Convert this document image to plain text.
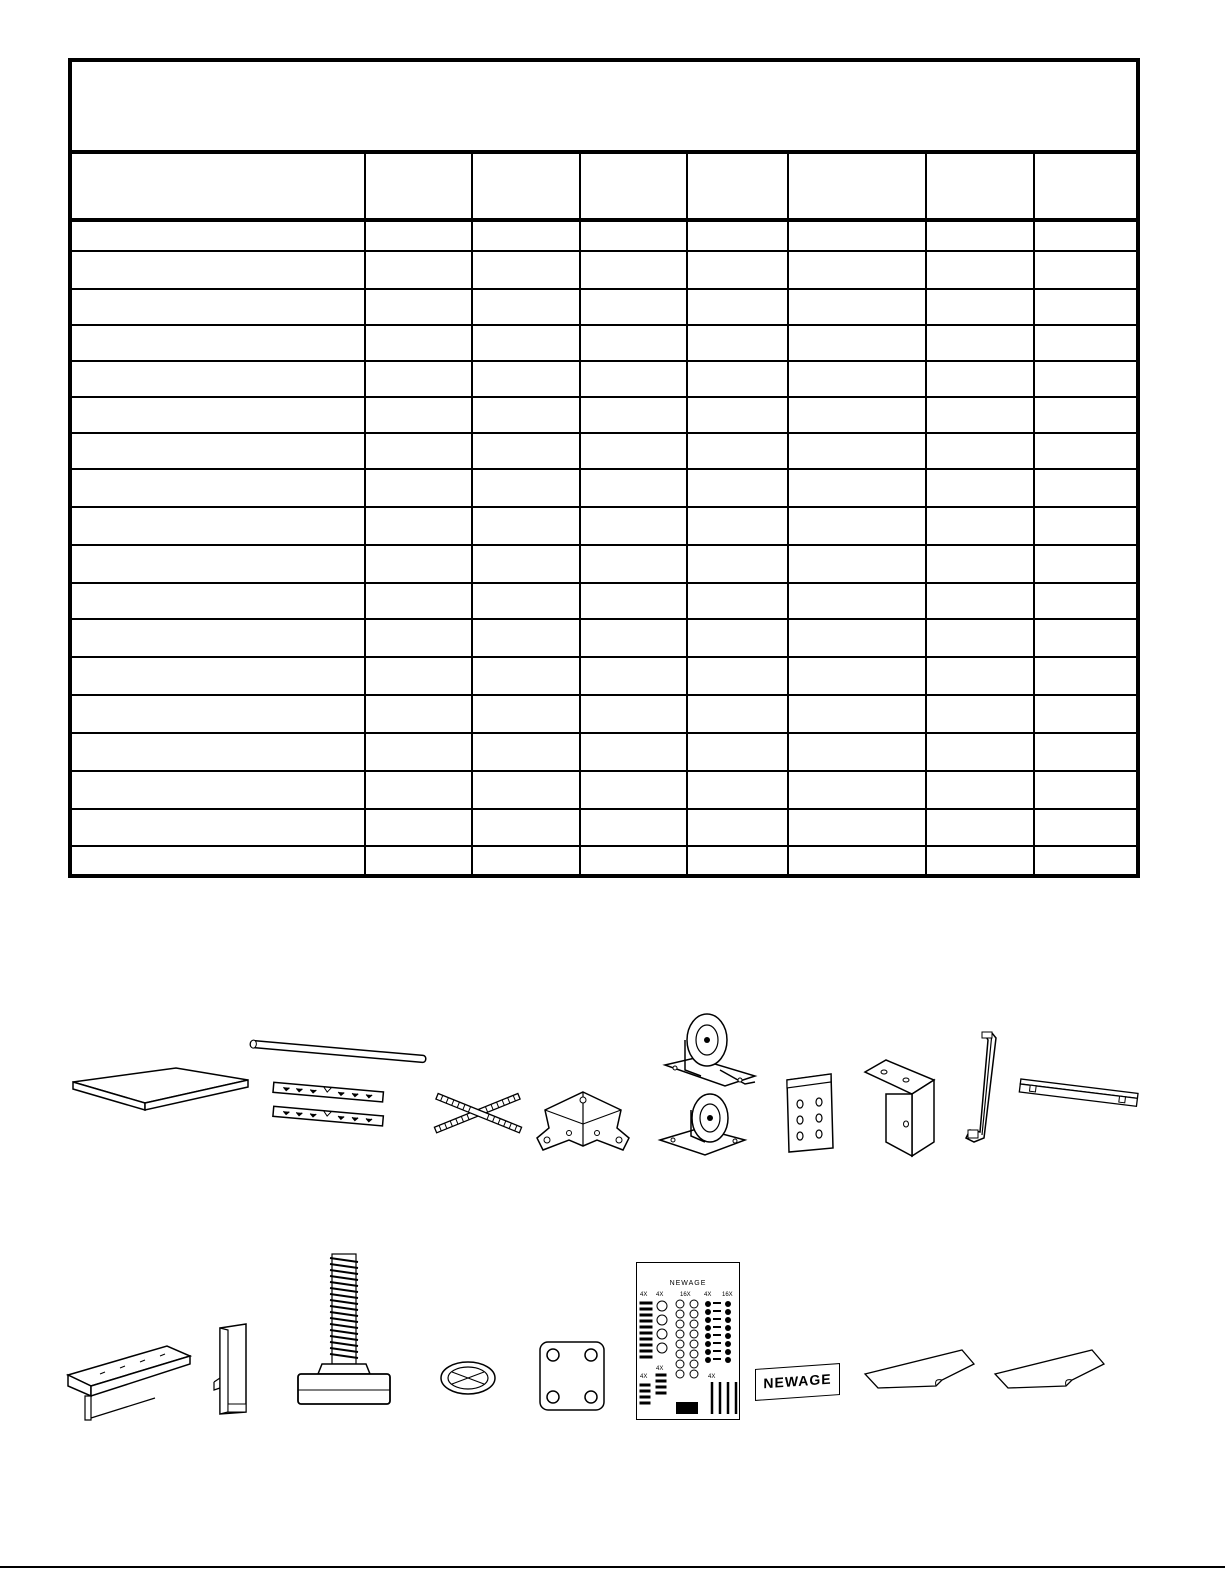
NEWAGE
4X 4X	16X 4X 16X
4X
4X	4X	NEWAGE
